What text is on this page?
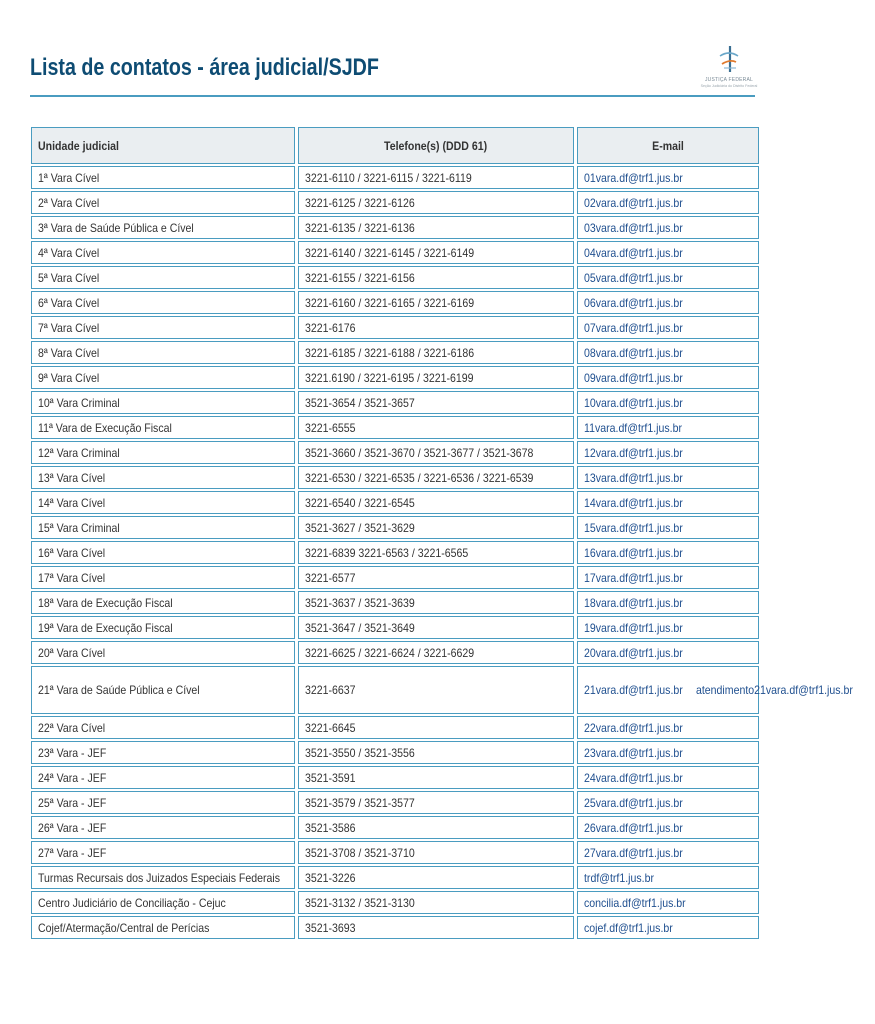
Lista de contatos - área judicial/SJDF	JUSTIÇA FEDERAL
Seção Judiciária do Distrito Federal
Unidade judicial	Telefone(s) (DDD 61)	E-mail
1ª Vara Cível	3221-6110 / 3221-6115 / 3221-6119	01vara.df@trf1.jus.br
2ª Vara Cível	3221-6125 / 3221-6126	02vara.df@trf1.jus.br
3ª Vara de Saúde Pública e Cível	3221-6135 / 3221-6136	03vara.df@trf1.jus.br
4ª Vara Cível	3221-6140 / 3221-6145 / 3221-6149	04vara.df@trf1.jus.br
5ª Vara Cível	3221-6155 / 3221-6156	05vara.df@trf1.jus.br
6ª Vara Cível	3221-6160 / 3221-6165 / 3221-6169	06vara.df@trf1.jus.br
7ª Vara Cível	3221-6176	07vara.df@trf1.jus.br
8ª Vara Cível	3221-6185 / 3221-6188 / 3221-6186	08vara.df@trf1.jus.br
9ª Vara Cível	3221.6190 / 3221-6195 / 3221-6199	09vara.df@trf1.jus.br
10ª Vara Criminal	3521-3654 / 3521-3657	10vara.df@trf1.jus.br
11ª Vara de Execução Fiscal	3221-6555	11vara.df@trf1.jus.br
12ª Vara Criminal	3521-3660 / 3521-3670 / 3521-3677 / 3521-3678	12vara.df@trf1.jus.br
13ª Vara Cível	3221-6530 / 3221-6535 / 3221-6536 / 3221-6539	13vara.df@trf1.jus.br
14ª Vara Cível	3221-6540 / 3221-6545	14vara.df@trf1.jus.br
15ª Vara Criminal	3521-3627 / 3521-3629	15vara.df@trf1.jus.br
16ª Vara Cível	3221-6839 3221-6563 / 3221-6565	16vara.df@trf1.jus.br
17ª Vara Cível	3221-6577	17vara.df@trf1.jus.br
18ª Vara de Execução Fiscal	3521-3637 / 3521-3639	18vara.df@trf1.jus.br
19ª Vara de Execução Fiscal	3521-3647 / 3521-3649	19vara.df@trf1.jus.br
20ª Vara Cível	3221-6625 / 3221-6624 / 3221-6629	20vara.df@trf1.jus.br
21ª Vara de Saúde Pública e Cível	3221-6637	21vara.df@trf1.jus.br atendimento21vara.df@trf1.jus.br
22ª Vara Cível	3221-6645	22vara.df@trf1.jus.br
23ª Vara - JEF	3521-3550 / 3521-3556	23vara.df@trf1.jus.br
24ª Vara - JEF	3521-3591	24vara.df@trf1.jus.br
25ª Vara - JEF	3521-3579 / 3521-3577	25vara.df@trf1.jus.br
26ª Vara - JEF	3521-3586	26vara.df@trf1.jus.br
27ª Vara - JEF	3521-3708 / 3521-3710	27vara.df@trf1.jus.br
Turmas Recursais dos Juizados Especiais Federais	3521-3226	trdf@trf1.jus.br
Centro Judiciário de Conciliação - Cejuc	3521-3132 / 3521-3130	concilia.df@trf1.jus.br
Cojef/Atermação/Central de Perícias	3521-3693	cojef.df@trf1.jus.br
